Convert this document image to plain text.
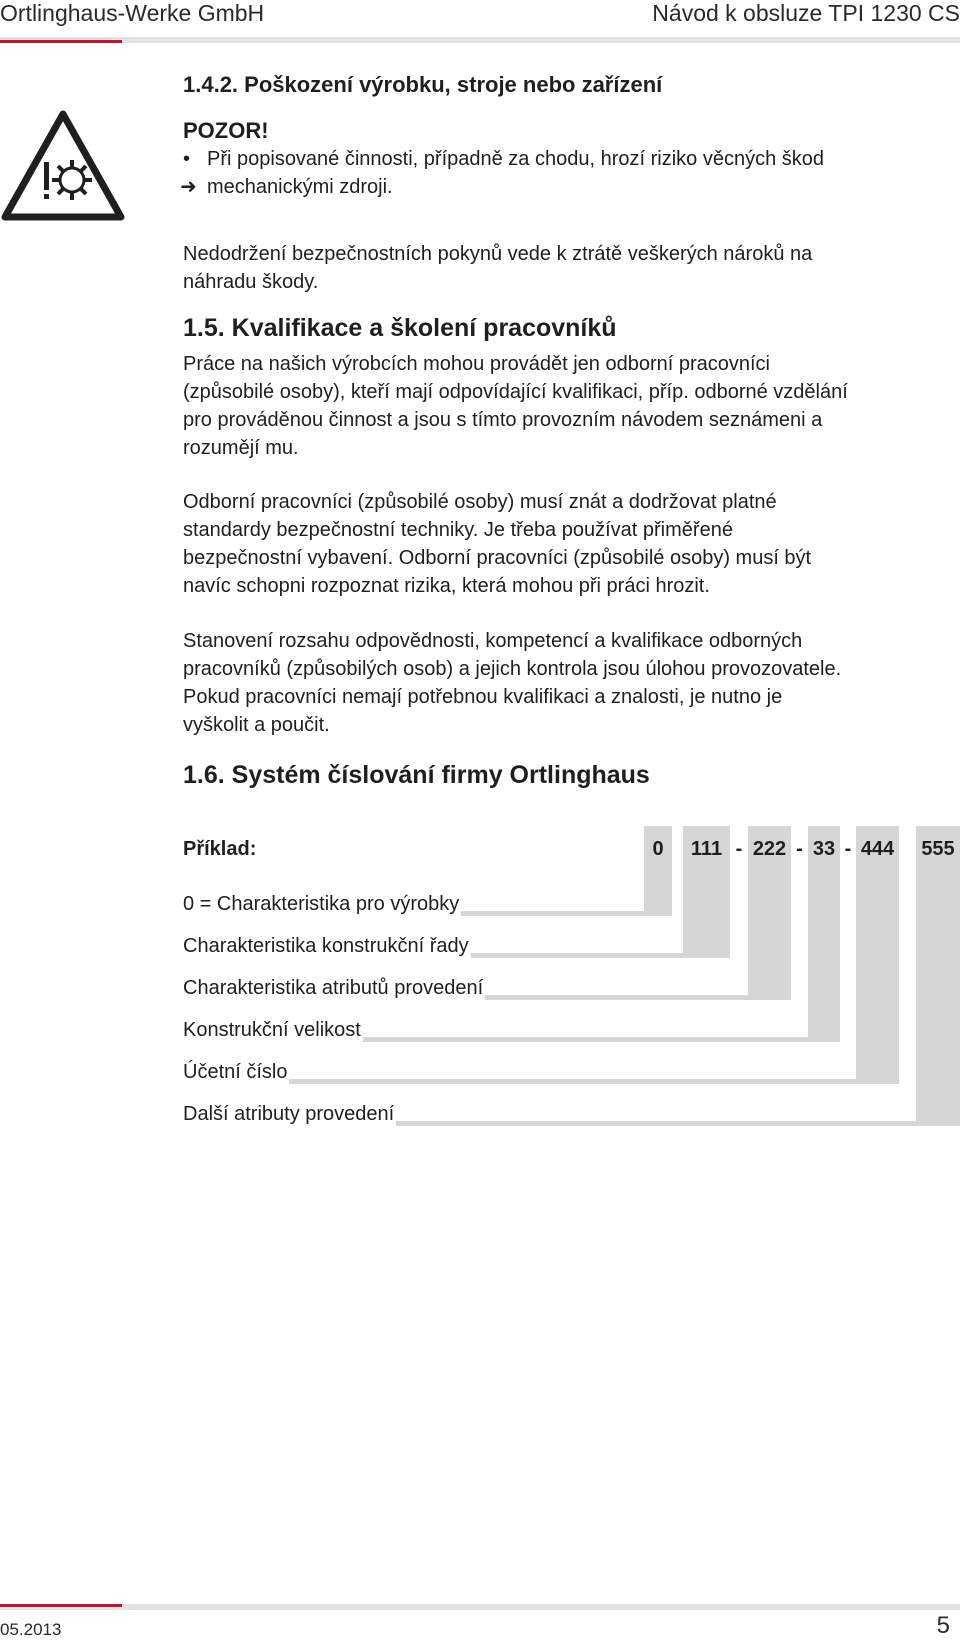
Ortlinghaus-Werke GmbH	Návod k obsluze TPI 1230 CS
1.4.2. Poškození výrobku, stroje nebo zařízení
POZOR!
• Při popisované činnosti, případně za chodu, hrozí riziko věcných škod
➜ mechanickými zdroji.
Nedodržení bezpečnostních pokynů vede k ztrátě veškerých nároků na
náhradu škody.
1.5. Kvalifikace a školení pracovníků
Práce na našich výrobcích mohou provádět jen odborní pracovníci
(způsobilé osoby), kteří mají odpovídající kvalifikaci, příp. odborné vzdělání
pro prováděnou činnost a jsou s tímto provozním návodem seznámeni a
rozumějí mu.
Odborní pracovníci (způsobilé osoby) musí znát a dodržovat platné
standardy bezpečnostní techniky. Je třeba používat přiměřené
bezpečnostní vybavení. Odborní pracovníci (způsobilé osoby) musí být
navíc schopni rozpoznat rizika, která mohou při práci hrozit.
Stanovení rozsahu odpovědnosti, kompetencí a kvalifikace odborných
pracovníků (způsobilých osob) a jejich kontrola jsou úlohou provozovatele.
Pokud pracovníci nemají potřebnou kvalifikaci a znalosti, je nutno je
vyškolit a poučit.
1.6. Systém číslování firmy Ortlinghaus
Příklad:	0	111 - 222 - 33 - 444 555
0 = Charakteristika pro výrobky
Charakteristika konstrukční řady
Charakteristika atributů provedení
Konstrukční velikost
Účetní číslo
Další atributy provedení
05.2013	5
